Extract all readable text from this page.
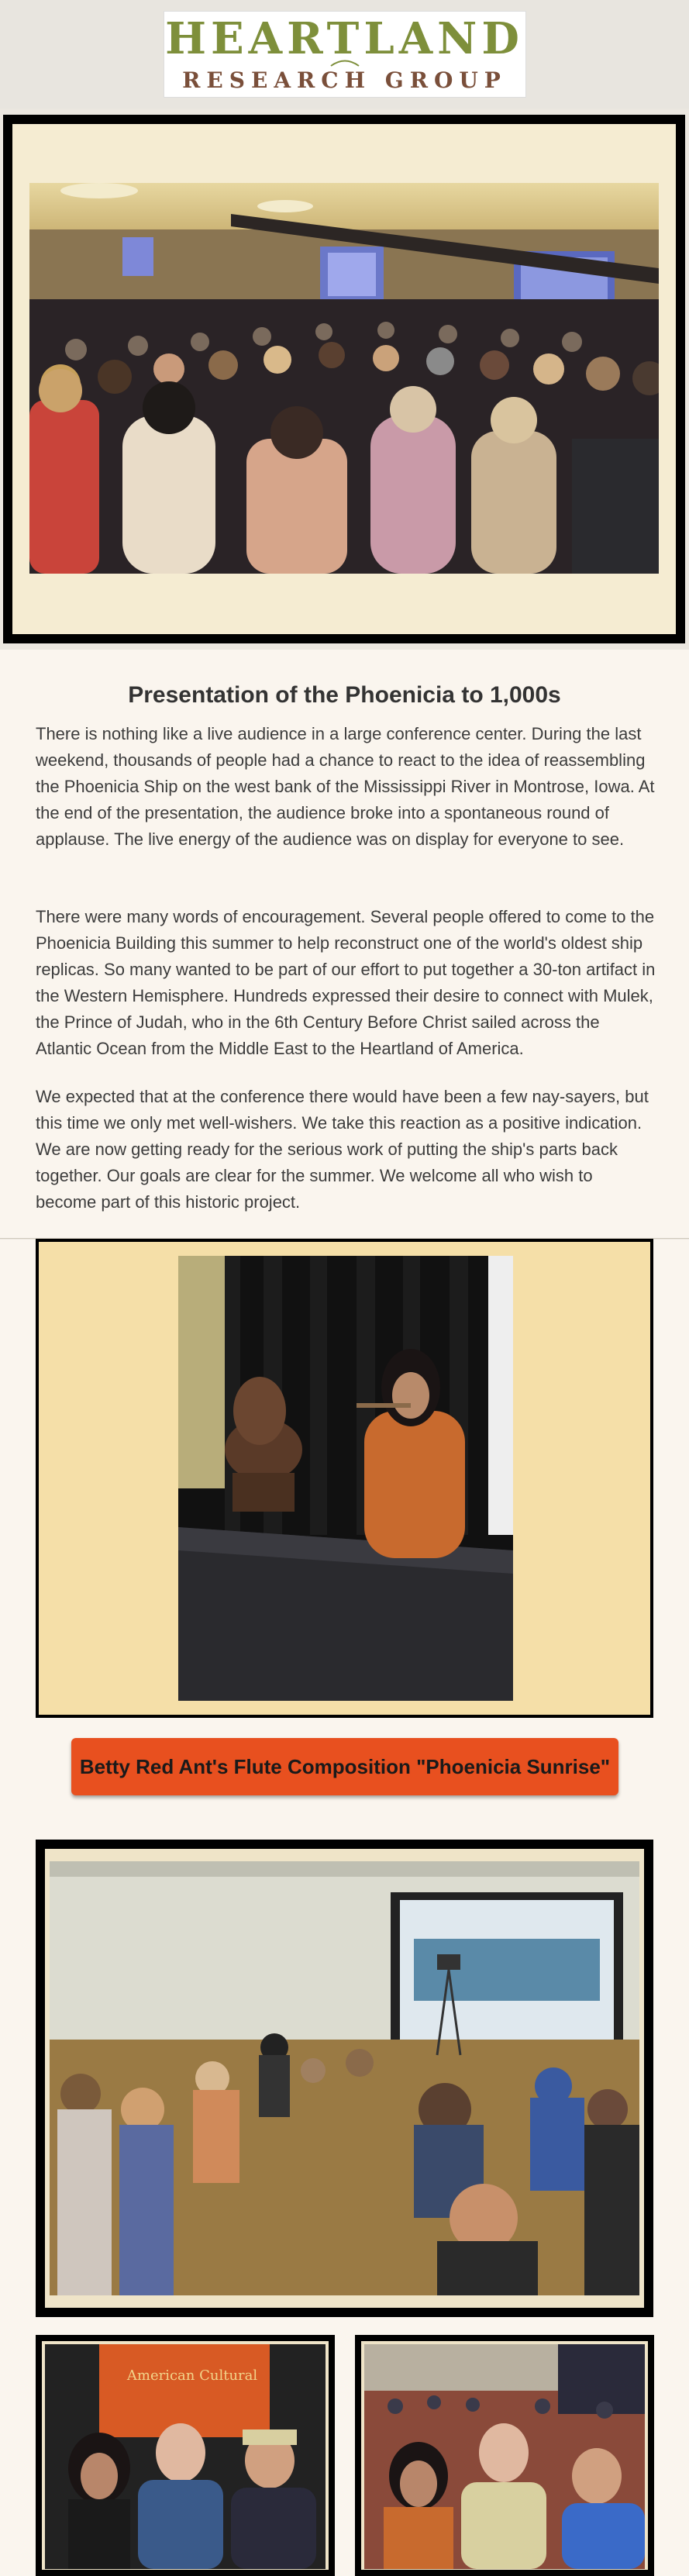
HEARTLAND
RESEARCH GROUP
Presentation of the Phoenicia to 1,000s
There is nothing like a live audience in a large conference center. During the last weekend, thousands of people had a chance to react to the idea of reassembling the Phoenicia Ship on the west bank of the Mississippi River in Montrose, Iowa. At the end of the presentation, the audience broke into a spontaneous round of applause. The live energy of the audience was on display for everyone to see.
There were many words of encouragement. Several people offered to come to the Phoenicia Building this summer to help reconstruct one of the world's oldest ship replicas. So many wanted to be part of our effort to put together a 30-ton artifact in the Western Hemisphere. Hundreds expressed their desire to connect with Mulek, the Prince of Judah, who in the 6th Century Before Christ sailed across the Atlantic Ocean from the Middle East to the Heartland of America.
We expected that at the conference there would have been a few nay-sayers, but this time we only met well-wishers. We take this reaction as a positive indication. We are now getting ready for the serious work of putting the ship's parts back together. Our goals are clear for the summer. We welcome all who wish to become part of this historic project.
Betty Red Ant's Flute Composition "Phoenicia Sunrise"
American Cultural
